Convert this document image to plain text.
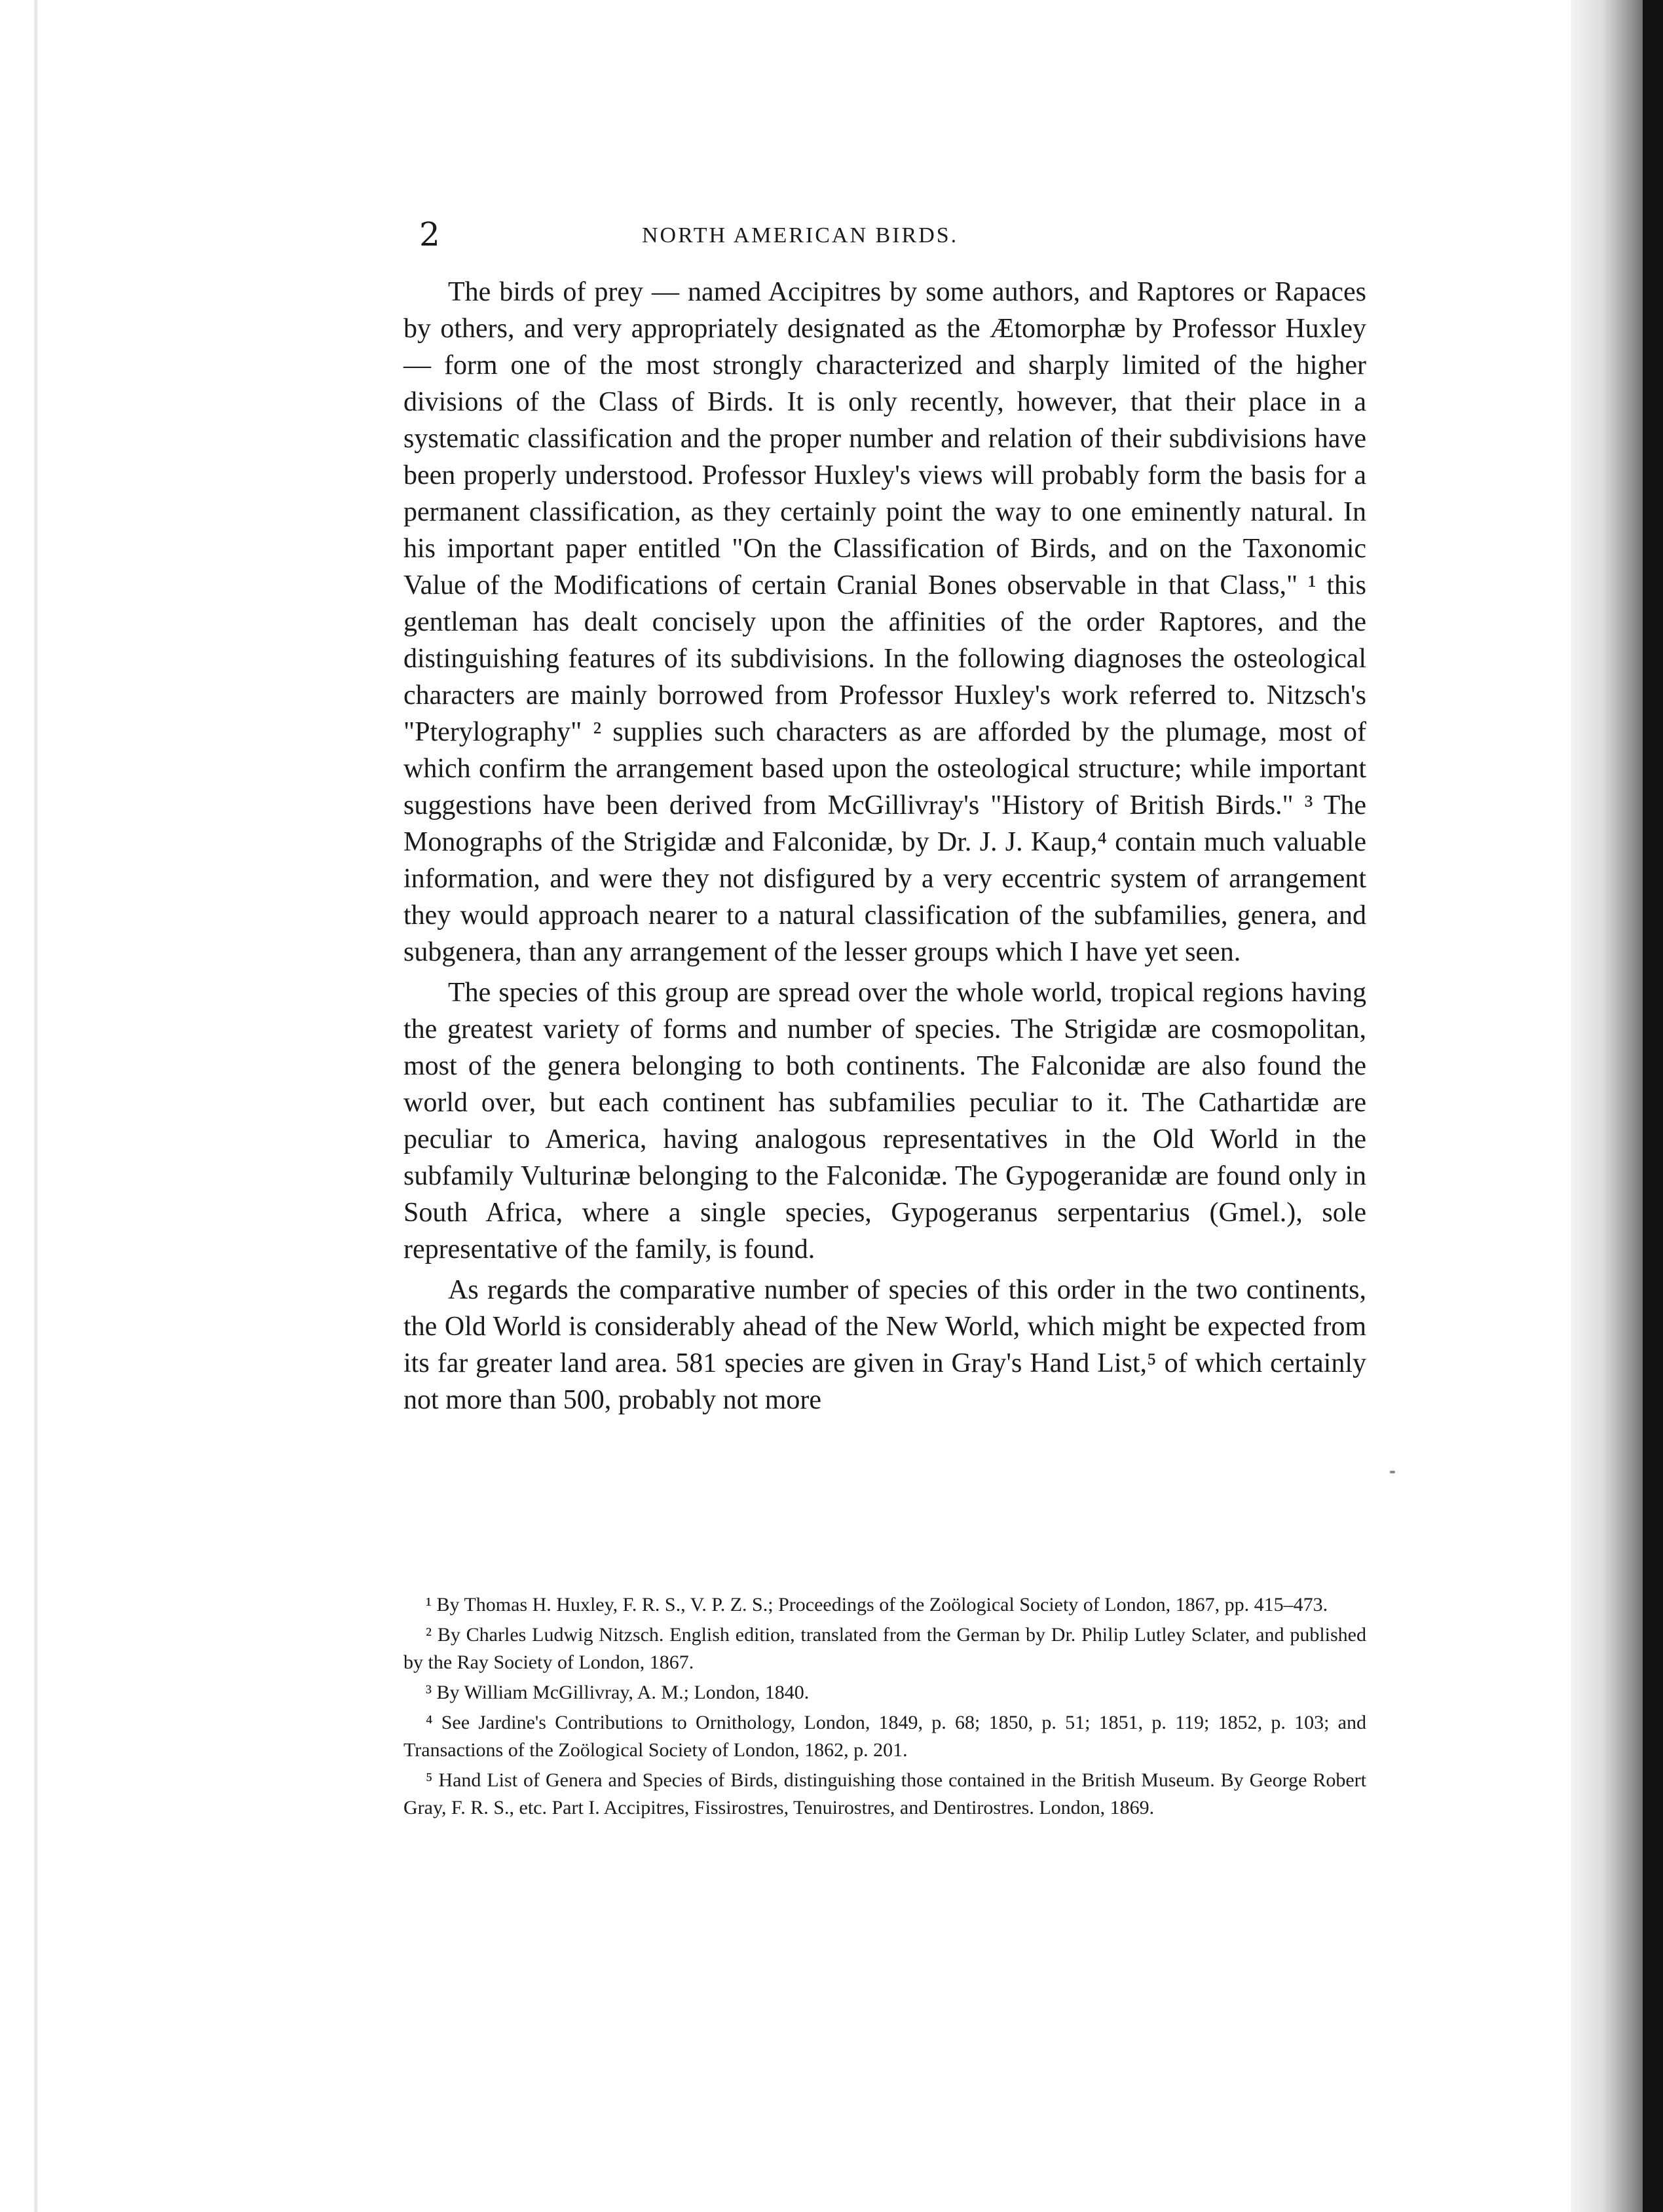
2	NORTH AMERICAN BIRDS.

The birds of prey — named Accipitres by some authors, and Raptores or Rapaces by others, and very appropriately designated as the Ætomorphæ by Professor Huxley — form one of the most strongly characterized and sharply limited of the higher divisions of the Class of Birds. It is only recently, however, that their place in a systematic classification and the proper number and relation of their subdivisions have been properly understood. Professor Huxley's views will probably form the basis for a permanent classification, as they certainly point the way to one eminently natural. In his important paper entitled "On the Classification of Birds, and on the Taxonomic Value of the Modifications of certain Cranial Bones observable in that Class," ¹ this gentleman has dealt concisely upon the affinities of the order Raptores, and the distinguishing features of its subdivisions. In the following diagnoses the osteological characters are mainly borrowed from Professor Huxley's work referred to. Nitzsch's "Pterylography" ² supplies such characters as are afforded by the plumage, most of which confirm the arrangement based upon the osteological structure; while important suggestions have been derived from McGillivray's "History of British Birds." ³ The Monographs of the Strigidæ and Falconidæ, by Dr. J. J. Kaup,⁴ contain much valuable information, and were they not disfigured by a very eccentric system of arrangement they would approach nearer to a natural classification of the subfamilies, genera, and subgenera, than any arrangement of the lesser groups which I have yet seen.

The species of this group are spread over the whole world, tropical regions having the greatest variety of forms and number of species. The Strigidæ are cosmopolitan, most of the genera belonging to both continents. The Falconidæ are also found the world over, but each continent has subfamilies peculiar to it. The Cathartidæ are peculiar to America, having analogous representatives in the Old World in the subfamily Vulturinæ belonging to the Falconidæ. The Gypogeranidæ are found only in South Africa, where a single species, Gypogeranus serpentarius (Gmel.), sole representative of the family, is found.

As regards the comparative number of species of this order in the two continents, the Old World is considerably ahead of the New World, which might be expected from its far greater land area. 581 species are given in Gray's Hand List,⁵ of which certainly not more than 500, probably not more

¹ By Thomas H. Huxley, F. R. S., V. P. Z. S.; Proceedings of the Zoölogical Society of London, 1867, pp. 415–473.

² By Charles Ludwig Nitzsch. English edition, translated from the German by Dr. Philip Lutley Sclater, and published by the Ray Society of London, 1867.

³ By William McGillivray, A. M.; London, 1840.

⁴ See Jardine's Contributions to Ornithology, London, 1849, p. 68; 1850, p. 51; 1851, p. 119; 1852, p. 103; and Transactions of the Zoölogical Society of London, 1862, p. 201.

⁵ Hand List of Genera and Species of Birds, distinguishing those contained in the British Museum. By George Robert Gray, F. R. S., etc. Part I. Accipitres, Fissirostres, Tenuirostres, and Dentirostres. London, 1869.
